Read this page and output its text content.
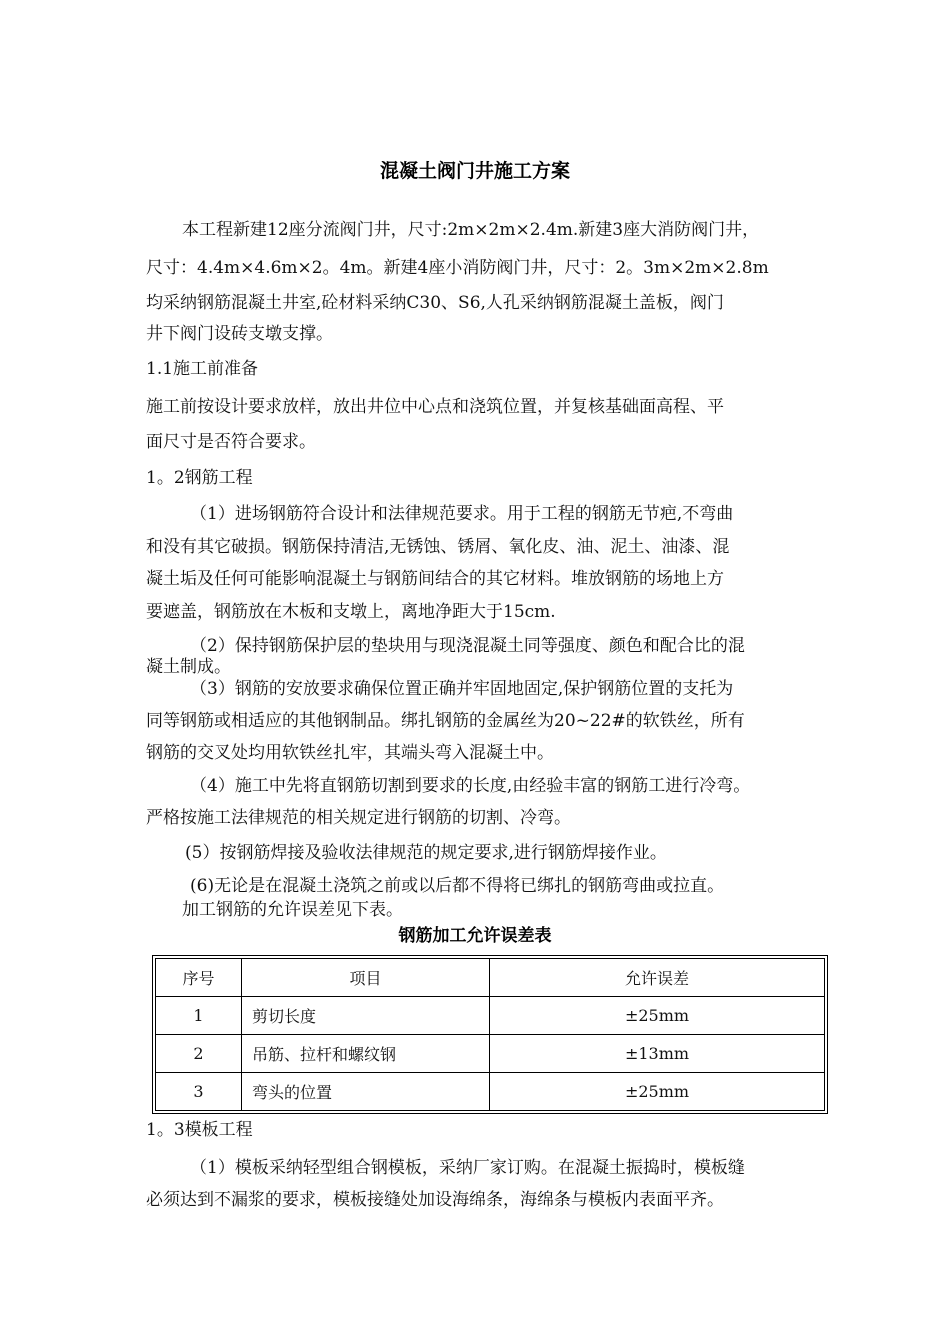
混凝土阀门井施工方案
本工程新建12座分流阀门井，尺寸:2m×2m×2.4m.新建3座大消防阀门井，
尺寸：4.4m×4.6m×2。4m。新建4座小消防阀门井，尺寸：2。3m×2m×2.8m
均采纳钢筋混凝土井室,砼材料采纳C30、S6,人孔采纳钢筋混凝土盖板，阀门
井下阀门设砖支墩支撑。
1.1施工前准备
施工前按设计要求放样，放出井位中心点和浇筑位置，并复核基础面高程、平
面尺寸是否符合要求。
1。2钢筋工程
（1）进场钢筋符合设计和法律规范要求。用于工程的钢筋无节疤,不弯曲
和没有其它破损。钢筋保持清洁,无锈蚀、锈屑、氧化皮、油、泥土、油漆、混
凝土垢及任何可能影响混凝土与钢筋间结合的其它材料。堆放钢筋的场地上方
要遮盖，钢筋放在木板和支墩上，离地净距大于15cm.
（2）保持钢筋保护层的垫块用与现浇混凝土同等强度、颜色和配合比的混
凝土制成。
（3）钢筋的安放要求确保位置正确并牢固地固定,保护钢筋位置的支托为
同等钢筋或相适应的其他钢制品。绑扎钢筋的金属丝为20~22#的软铁丝，所有
钢筋的交叉处均用软铁丝扎牢，其端头弯入混凝土中。
（4）施工中先将直钢筋切割到要求的长度,由经验丰富的钢筋工进行冷弯。
严格按施工法律规范的相关规定进行钢筋的切割、冷弯。
(5）按钢筋焊接及验收法律规范的规定要求,进行钢筋焊接作业。
(6)无论是在混凝土浇筑之前或以后都不得将已绑扎的钢筋弯曲或拉直。
加工钢筋的允许误差见下表。
钢筋加工允许误差表
序号	项目	允许误差
1	剪切长度	±25mm
2	吊筋、拉杆和螺纹钢	±13mm
3	弯头的位置	±25mm
1。3模板工程
（1）模板采纳轻型组合钢模板，采纳厂家订购。在混凝土振捣时，模板缝
必须达到不漏浆的要求，模板接缝处加设海绵条，海绵条与模板内表面平齐。
